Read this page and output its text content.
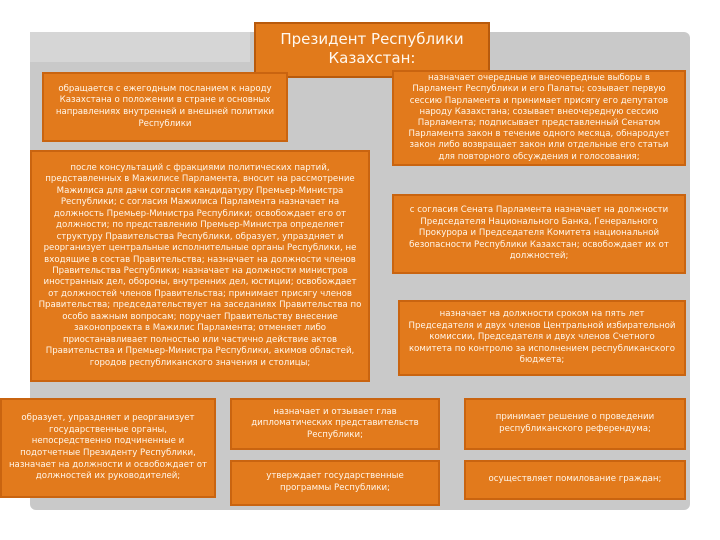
Президент Республики Казахстан:
обращается с ежегодным посланием к народу Казахстана о положении в стране и основных направлениях внутренней и внешней политики Республики
назначает очередные и внеочередные выборы в Парламент Республики и его Палаты; созывает первую сессию Парламента и принимает присягу его депутатов народу Казахстана; созывает внеочередную сессию Парламента; подписывает представленный Сенатом Парламента закон в течение одного месяца, обнародует закон либо возвращает закон или отдельные его статьи для повторного обсуждения и голосования;
после консультаций с фракциями политических партий, представленных в Мажилисе Парламента, вносит на рассмотрение Мажилиса для дачи согласия кандидатуру Премьер-Министра Республики; с согласия Мажилиса Парламента назначает на должность Премьер-Министра Республики; освобождает его от должности; по представлению Премьер-Министра определяет структуру Правительства Республики, образует, упраздняет и реорганизует центральные исполнительные органы Республики, не входящие в состав Правительства; назначает на должности членов Правительства Республики; назначает на должности министров иностранных дел, обороны, внутренних дел, юстиции; освобождает от должностей членов Правительства; принимает присягу членов Правительства; председательствует на заседаниях Правительства по особо важным вопросам; поручает Правительству внесение законопроекта в Мажилис Парламента; отменяет либо приостанавливает полностью или частично действие актов Правительства и Премьер-Министра Республики, акимов областей, городов республиканского значения и столицы;
с согласия Сената Парламента назначает на должности Председателя Национального Банка, Генерального Прокурора и Председателя Комитета национальной безопасности Республики Казахстан; освобождает их от должностей;
назначает на должности сроком на пять лет Председателя и двух членов Центральной избирательной комиссии, Председателя и двух членов Счетного комитета по контролю за исполнением республиканского бюджета;
образует, упраздняет и реорганизует государственные органы, непосредственно подчиненные и подотчетные Президенту Республики, назначает на должности и освобождает от должностей их руководителей;
назначает и отзывает глав дипломатических представительств Республики;
принимает решение о проведении республиканского референдума;
утверждает государственные программы Республики;
осуществляет помилование граждан;
